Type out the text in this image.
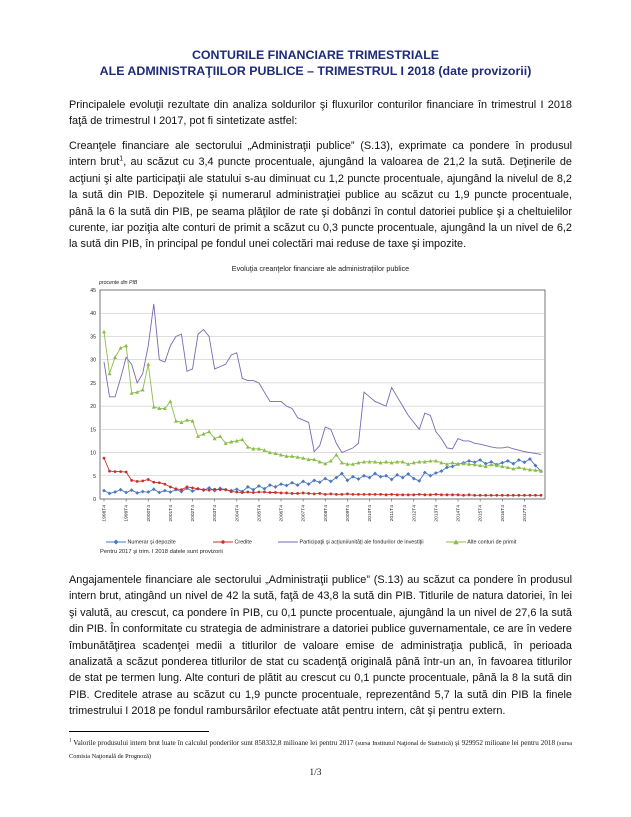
CONTURILE FINANCIARE TRIMESTRIALE
ALE ADMINISTRAŢIILOR PUBLICE – TRIMESTRUL I 2018 (date provizorii)
Principalele evoluţii rezultate din analiza soldurilor şi fluxurilor conturilor financiare în trimestrul I 2018 faţă de trimestrul I 2017, pot fi sintetizate astfel:
Creanţele financiare ale sectorului „Administraţii publice” (S.13), exprimate ca pondere în produsul intern brut$^1$, au scăzut cu 3,4 puncte procentuale, ajungând la valoarea de 21,2 la sută. Deţinerile de acţiuni şi alte participaţii ale statului s-au diminuat cu 1,2 puncte procentuale, ajungând la nivelul de 8,2 la sută din PIB. Depozitele şi numerarul administraţiei publice au scăzut cu 1,9 puncte procentuale, până la 6 la sută din PIB, pe seama plăţilor de rate şi dobânzi în contul datoriei publice şi a cheltuielilor curente, iar poziţia alte conturi de primit a scăzut cu 0,3 puncte procentuale, ajungând la un nivel de 6,2 la sută din PIB, în principal pe fondul unei colectări mai reduse de taxe şi impozite.
Evoluţia creanţelor financiare ale administraţiilor publice
procente din PIB
0
5
10
15
20
25
30
35
40
45
1998T4	1999T4	2000T4	2001T4	2002T4	2003T4	2004T4	2005T4	2006T4	2007T4	2008T4	2009T4	2010T4	2011T4	2012T4	2013T4	2014T4	2015T4	2016T4	2017T4
Numerar şi depozite	Credite	Participaţii şi acţiuni/unităţi ale fondurilor de investiţii	Alte conturi de primit
Pentru 2017 şi trim. I 2018 datele sunt provizorii
Angajamentele financiare ale sectorului „Administraţii publice” (S.13) au scăzut ca pondere în produsul intern brut, atingând un nivel de 42 la sută, faţă de 43,8 la sută din PIB. Titlurile de natura datoriei, în lei şi valută, au crescut, ca pondere în PIB, cu 0,1 puncte procentuale, ajungând la un nivel de 27,6 la sută din PIB. În conformitate cu strategia de administrare a datoriei publice guvernamentale, ce are în vedere îmbunătăţirea scadenţei medii a titlurilor de valoare emise de administraţia publică, în perioada analizată a scăzut ponderea titlurilor de stat cu scadenţă originală până într-un an, în favoarea titlurilor de stat pe termen lung. Alte conturi de plătit au crescut cu 0,1 puncte procentuale, până la 8 la sută din PIB. Creditele atrase au scăzut cu 1,9 puncte procentuale, reprezentând 5,7 la sută din PIB la finele trimestrului I 2018 pe fondul rambursărilor efectuate atât pentru intern, cât şi pentru extern.
$^1$ Valorile produsului intern brut luate în calculul ponderilor sunt 858332,8 milioane lei pentru 2017 (sursa Institutul Naţional de Statistică) şi 929952 milioane lei pentru 2018 (sursa Comisia Naţională de Prognoză)
1/3
